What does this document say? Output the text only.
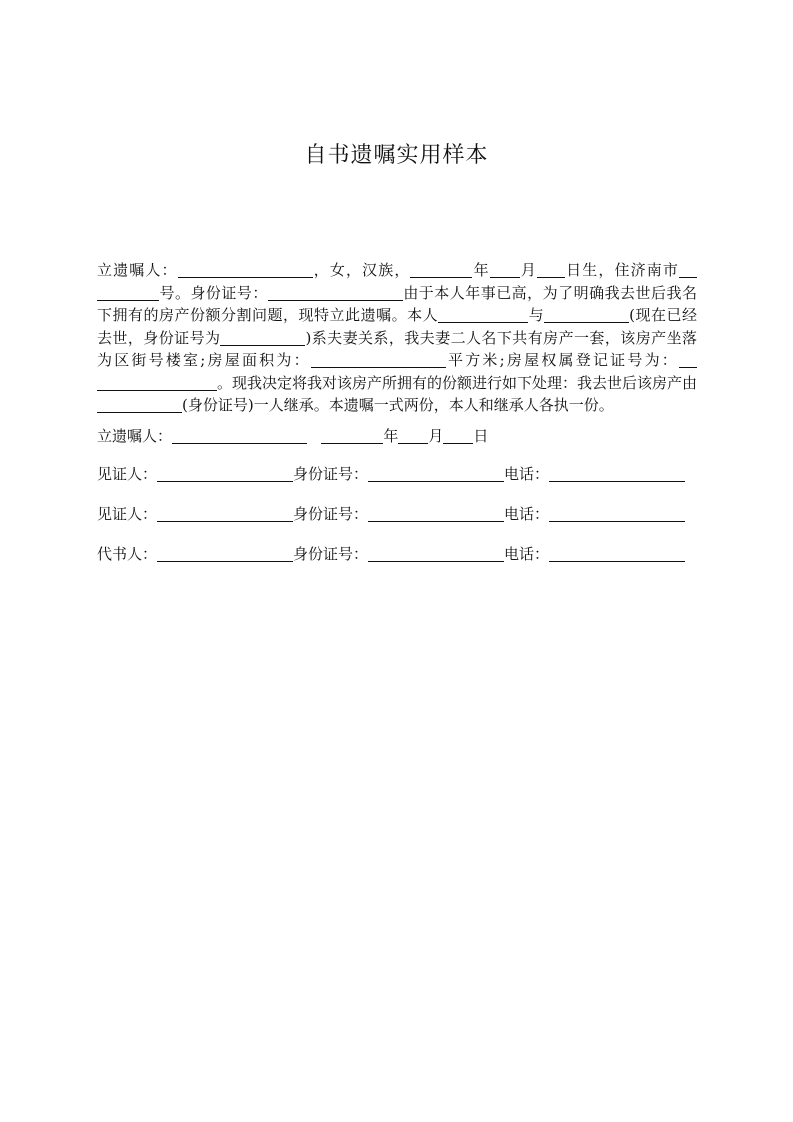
自书遗嘱实用样本
立遗嘱人：	，女，汉族，	年 月 日生，住济南市号。身份证号：	由于本人年事已高，为了明确我去世后我名下拥有的房产份额分割问题，现特立此遗嘱。本人	与	(现在已经去世，身份证号为	)系夫妻关系，我夫妻二人名下共有房产一套，该房产坐落为区街号楼室;房屋面积为：	平方米;房屋权属登记证号为：。现我决定将我对该房产所拥有的份额进行如下处理：我去世后该房产由(身份证号)一人继承。本遗嘱一式两份，本人和继承人各执一份。
立遗嘱人：	年 月 日
见证人：	身份证号：	电话：
见证人：	身份证号：	电话：
代书人：	身份证号：	电话：
